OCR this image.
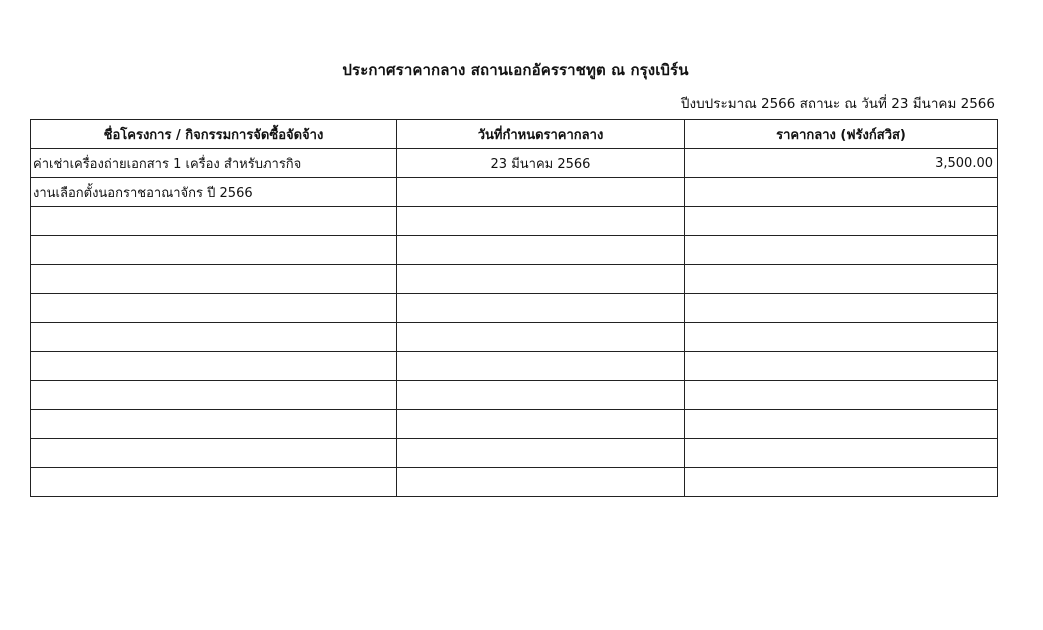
ประกาศราคากลาง สถานเอกอัครราชทูต ณ กรุงเบิร์น
ปีงบประมาณ 2566 สถานะ ณ วันที่ 23 มีนาคม 2566
ชื่อโครงการ / กิจกรรมการจัดซื้อจัดจ้าง	วันที่กำหนดราคากลาง	ราคากลาง (ฟรังก์สวิส)
ค่าเช่าเครื่องถ่ายเอกสาร 1 เครื่อง สำหรับภารกิจ	23 มีนาคม 2566	3,500.00
งานเลือกตั้งนอกราชอาณาจักร ปี 2566		
